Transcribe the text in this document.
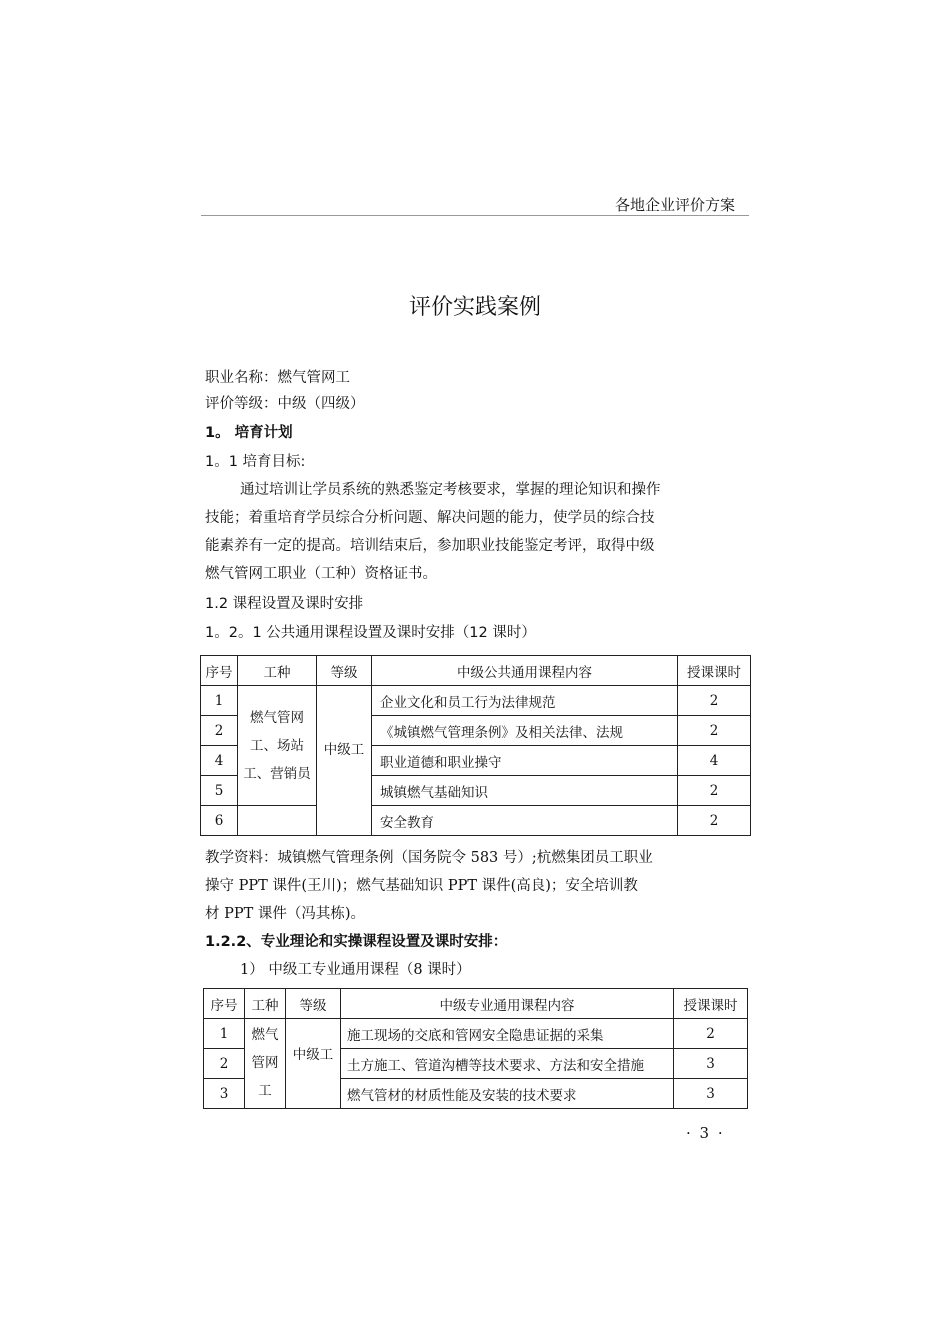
各地企业评价方案
评价实践案例
职业名称：燃气管网工
评价等级：中级（四级）
1。 培育计划
1。1 培育目标:
通过培训让学员系统的熟悉鉴定考核要求，掌握的理论知识和操作
技能；着重培育学员综合分析问题、解决问题的能力，使学员的综合技
能素养有一定的提高。培训结束后，参加职业技能鉴定考评，取得中级
燃气管网工职业（工种）资格证书。
1.2 课程设置及课时安排
1。2。1 公共通用课程设置及课时安排（12 课时）
序号	工种	等级	中级公共通用课程内容	授课课时
1	燃气管网
工、场站
工、营销员	中级工	企业文化和员工行为法律规范	2
2			《城镇燃气管理条例》及相关法律、法规	2
4			职业道德和职业操守	4
5			城镇燃气基础知识	2
6			安全教育	2
教学资料：城镇燃气管理条例（国务院令 583 号）;杭燃集团员工职业
操守 PPT 课件(王川)；燃气基础知识 PPT 课件(高良)；安全培训教
材 PPT 课件（冯其栋)。
1.2.2、专业理论和实操课程设置及课时安排：
1） 中级工专业通用课程（8 课时）
序号	工种	等级	中级专业通用课程内容	授课课时
1	燃气
管网
工	中级工	施工现场的交底和管网安全隐患证据的采集	2
2			土方施工、管道沟槽等技术要求、方法和安全措施	3
3			燃气管材的材质性能及安装的技术要求	3
· 3 ·
